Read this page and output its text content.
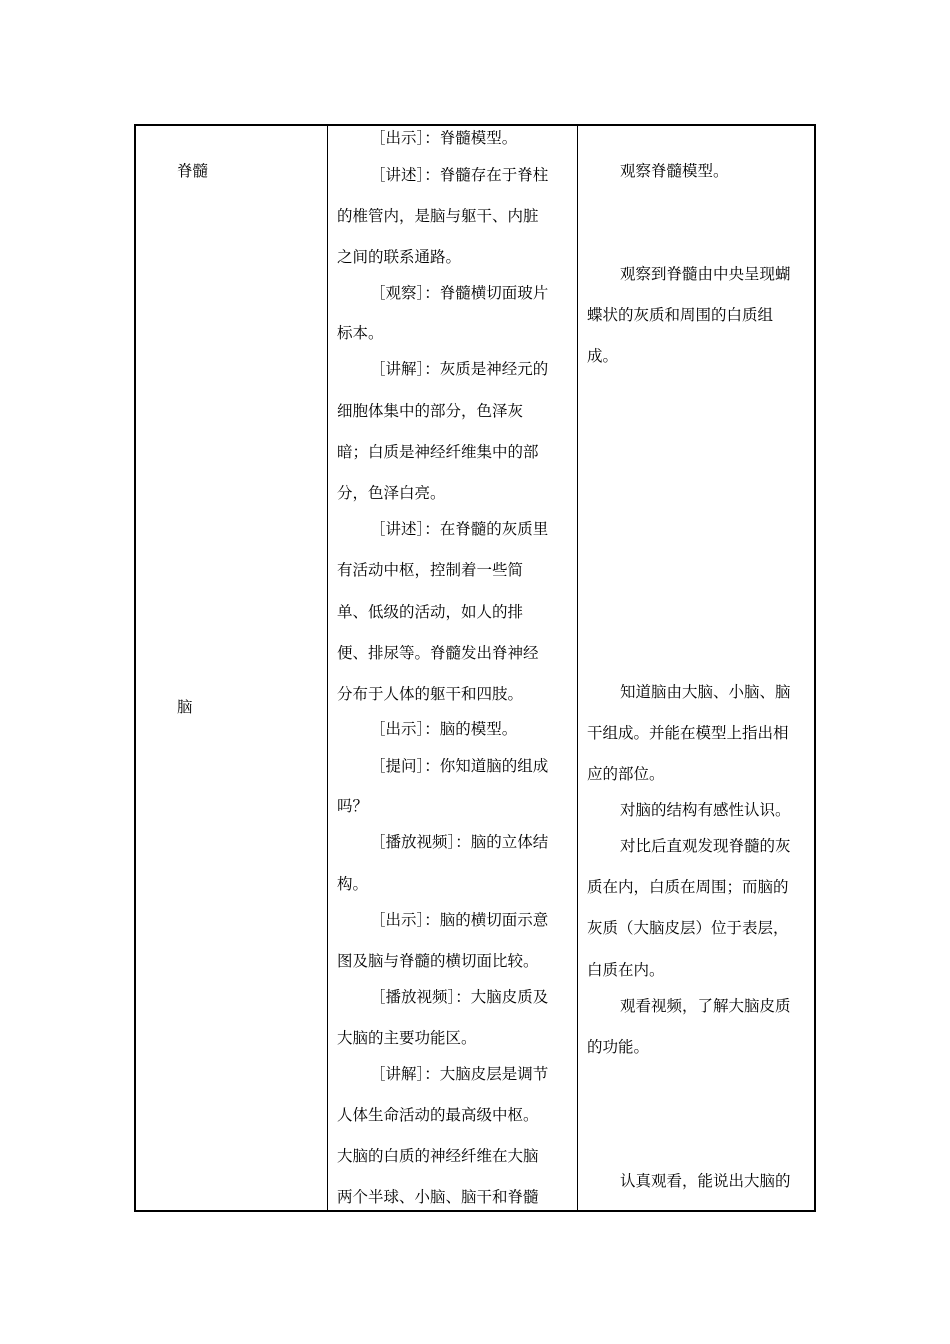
脊髓
脑
［出示］：脊髓模型。
［讲述］：脊髓存在于脊柱
的椎管内，是脑与躯干、内脏
之间的联系通路。
［观察］：脊髓横切面玻片
标本。
［讲解］：灰质是神经元的
细胞体集中的部分，色泽灰
暗；白质是神经纤维集中的部
分，色泽白亮。
［讲述］：在脊髓的灰质里
有活动中枢，控制着一些简
单、低级的活动，如人的排
便、排尿等。脊髓发出脊神经
分布于人体的躯干和四肢。
［出示］：脑的模型。
［提问］：你知道脑的组成
吗？
［播放视频］：脑的立体结
构。
［出示］：脑的横切面示意
图及脑与脊髓的横切面比较。
［播放视频］：大脑皮质及
大脑的主要功能区。
［讲解］：大脑皮层是调节
人体生命活动的最高级中枢。
大脑的白质的神经纤维在大脑
两个半球、小脑、脑干和脊髓
观察脊髓模型。
观察到脊髓由中央呈现蝴
蝶状的灰质和周围的白质组
成。
知道脑由大脑、小脑、脑
干组成。并能在模型上指出相
应的部位。
对脑的结构有感性认识。
对比后直观发现脊髓的灰
质在内，白质在周围；而脑的
灰质（大脑皮层）位于表层，
白质在内。
观看视频，了解大脑皮质
的功能。
认真观看，能说出大脑的
